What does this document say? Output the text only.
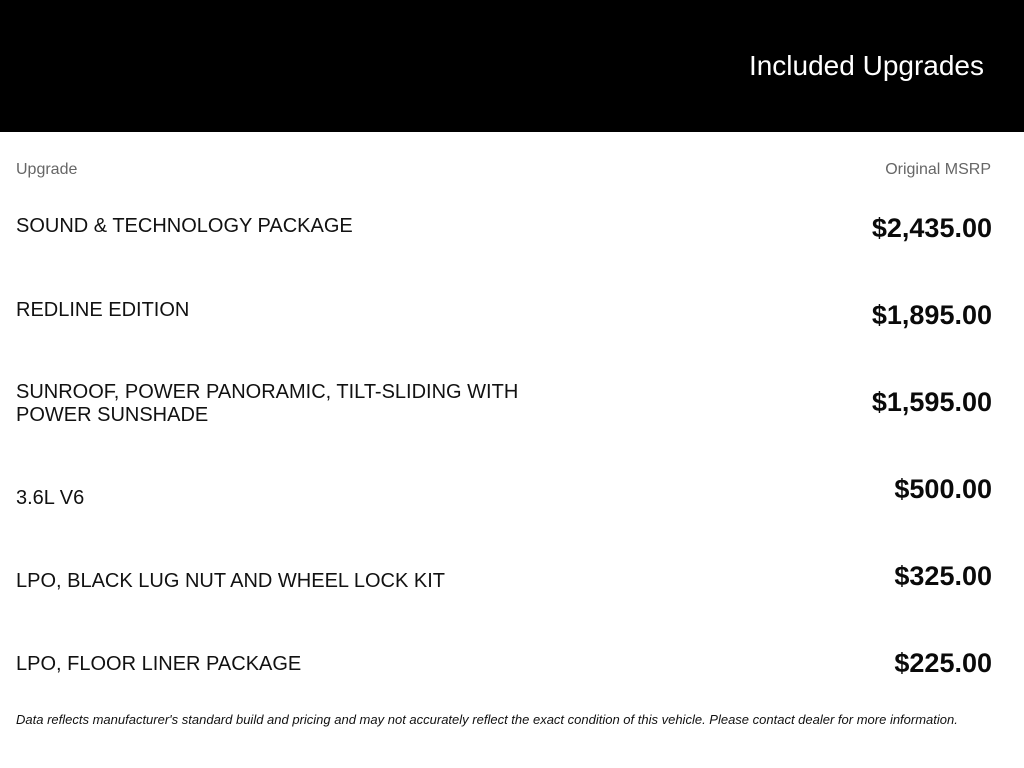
Included Upgrades
Upgrade	Original MSRP
SOUND & TECHNOLOGY PACKAGE	$2,435.00
REDLINE EDITION	$1,895.00
SUNROOF, POWER PANORAMIC, TILT-SLIDING WITH POWER SUNSHADE	$1,595.00
3.6L V6	$500.00
LPO, BLACK LUG NUT AND WHEEL LOCK KIT	$325.00
LPO, FLOOR LINER PACKAGE	$225.00
Data reflects manufacturer's standard build and pricing and may not accurately reflect the exact condition of this vehicle. Please contact dealer for more information.
